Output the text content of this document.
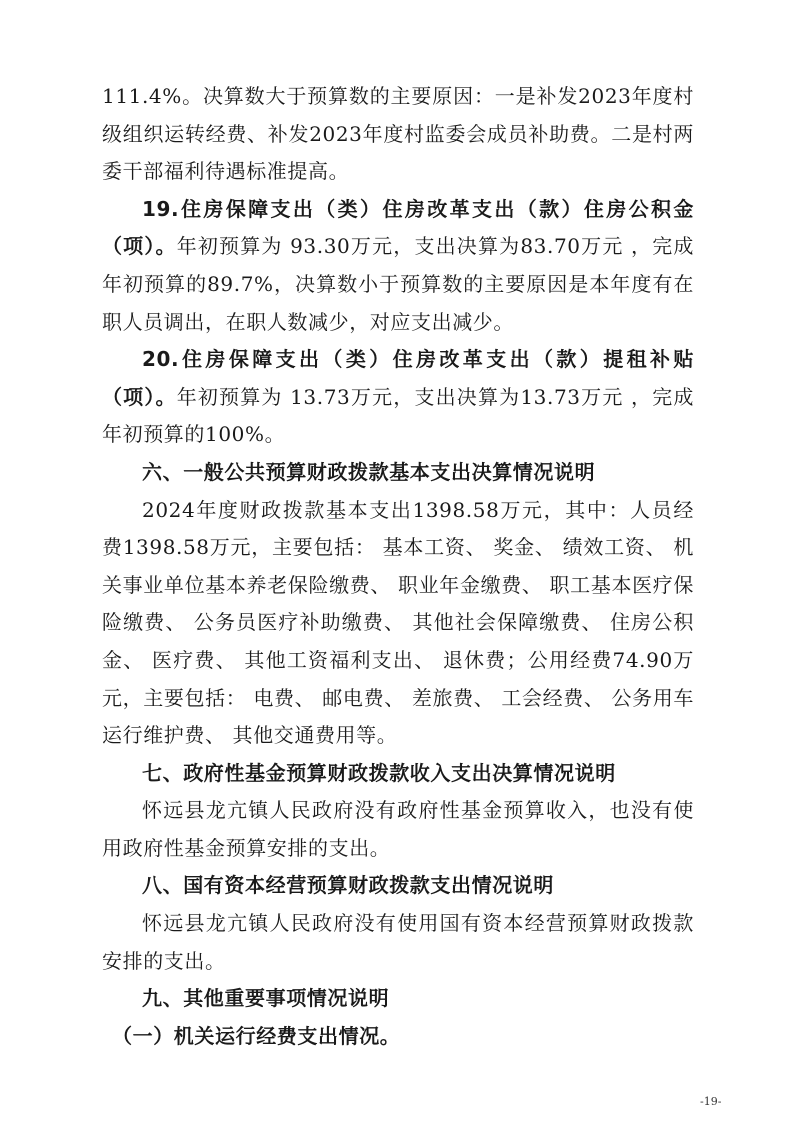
111.4%。决算数大于预算数的主要原因：一是补发2023年度村级组织运转经费、补发2023年度村监委会成员补助费。二是村两委干部福利待遇标准提高。

19.住房保障支出（类）住房改革支出（款）住房公积金（项）。年初预算为 93.30万元，支出决算为83.70万元 ，完成年初预算的89.7%，决算数小于预算数的主要原因是本年度有在职人员调出，在职人数减少，对应支出减少。

20.住房保障支出（类）住房改革支出（款）提租补贴（项）。年初预算为 13.73万元，支出决算为13.73万元 ，完成年初预算的100%。

六、一般公共预算财政拨款基本支出决算情况说明

2024年度财政拨款基本支出1398.58万元，其中：人员经费1398.58万元，主要包括： 基本工资、 奖金、 绩效工资、 机关事业单位基本养老保险缴费、 职业年金缴费、 职工基本医疗保险缴费、 公务员医疗补助缴费、 其他社会保障缴费、 住房公积金、 医疗费、 其他工资福利支出、 退休费；公用经费74.90万元，主要包括： 电费、 邮电费、 差旅费、 工会经费、 公务用车运行维护费、 其他交通费用等。

七、政府性基金预算财政拨款收入支出决算情况说明

怀远县龙亢镇人民政府没有政府性基金预算收入，也没有使用政府性基金预算安排的支出。

八、国有资本经营预算财政拨款支出情况说明

怀远县龙亢镇人民政府没有使用国有资本经营预算财政拨款安排的支出。

九、其他重要事项情况说明

（一）机关运行经费支出情况。

-19-
